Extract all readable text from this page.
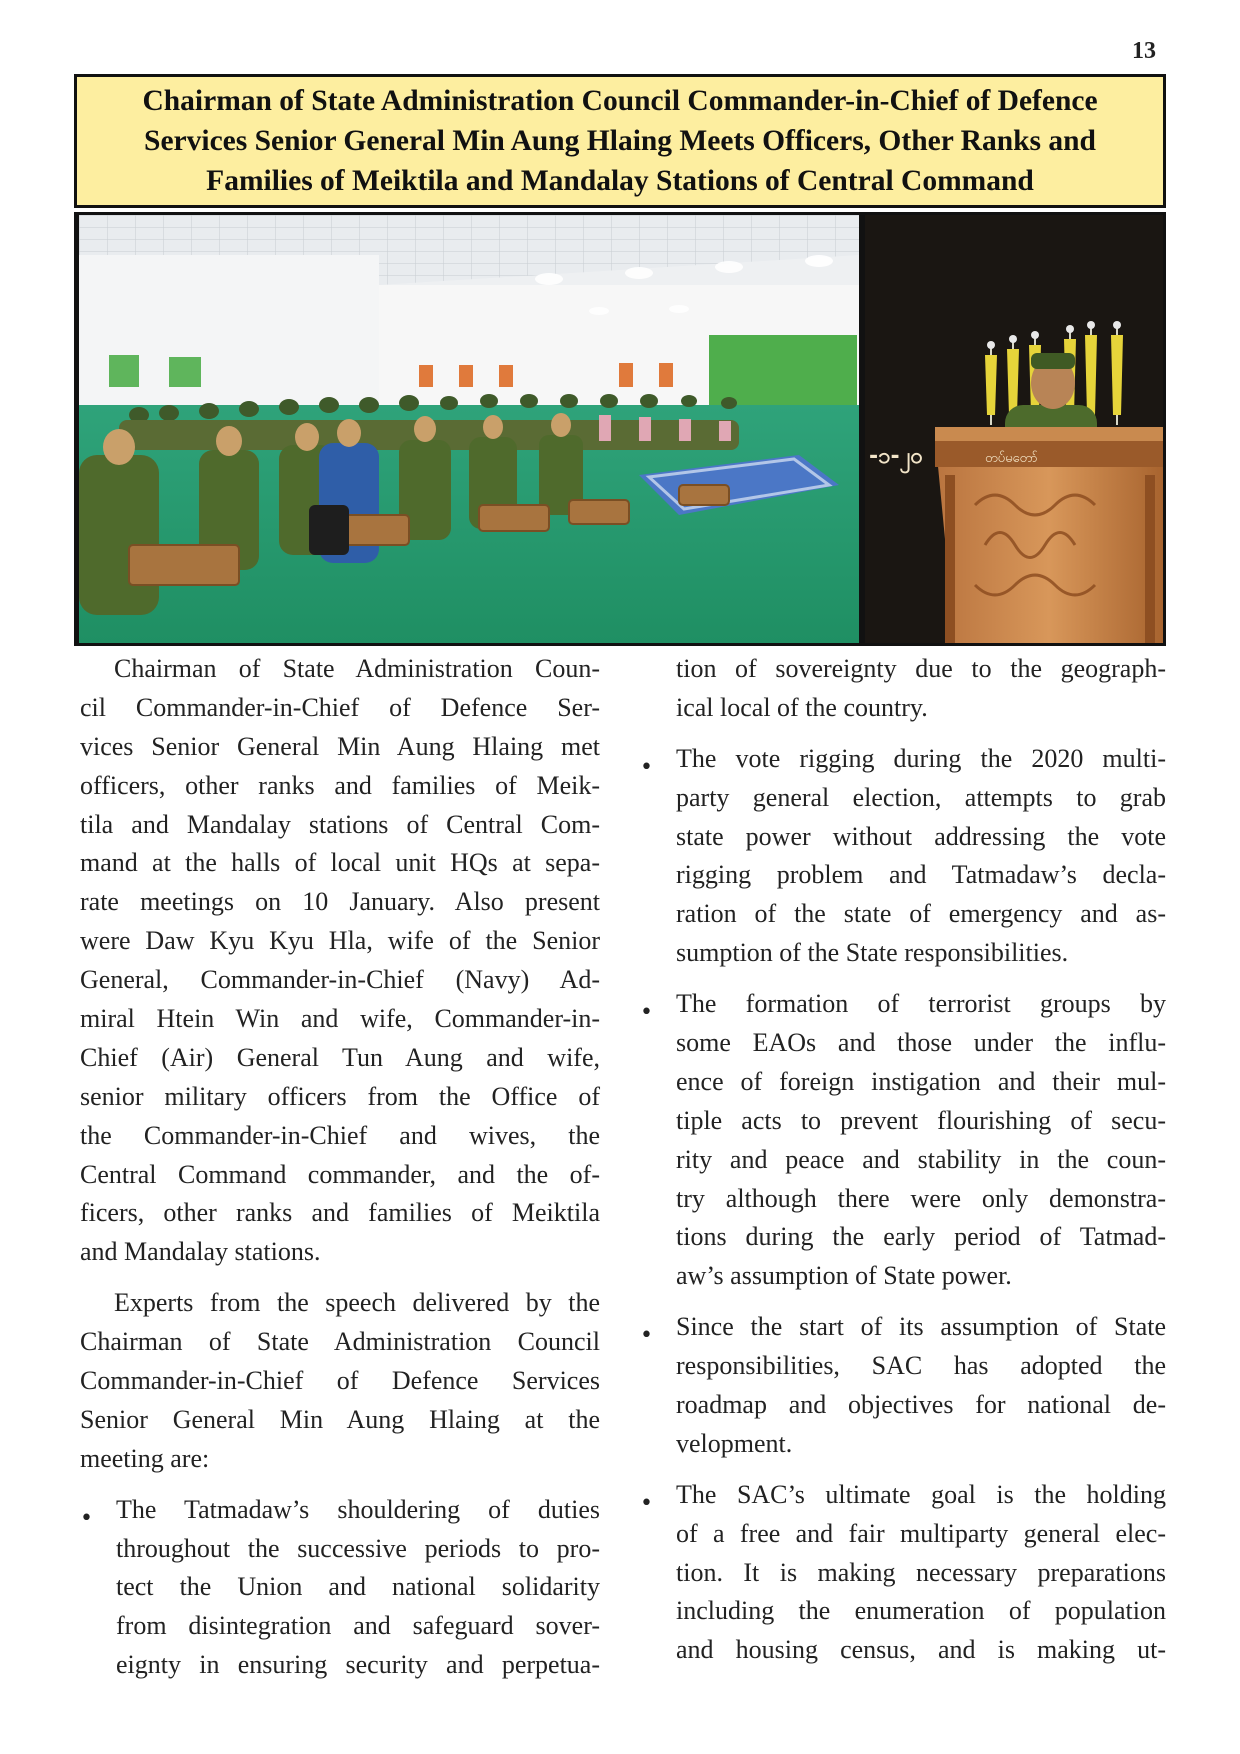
13
Chairman of State Administration Council Commander-in-Chief of Defence
Services Senior General Min Aung Hlaing Meets Officers, Other Ranks and
Families of Meiktila and Mandalay Stations of Central Command
-၁-၂၀	တပ်မတော်
Chairman of State Administration Coun-
cil Commander-in-Chief of Defence Ser-
vices Senior General Min Aung Hlaing met
officers, other ranks and families of Meik-
tila and Mandalay stations of Central Com-
mand at the halls of local unit HQs at sepa-
rate meetings on 10 January. Also present
were Daw Kyu Kyu Hla, wife of the Senior
General, Commander-in-Chief (Navy) Ad-
miral Htein Win and wife, Commander-in-
Chief (Air) General Tun Aung and wife,
senior military officers from the Office of
the Commander-in-Chief and wives, the
Central Command commander, and the of-
ficers, other ranks and families of Meiktila
and Mandalay stations.
Experts from the speech delivered by the
Chairman of State Administration Council
Commander-in-Chief of Defence Services
Senior General Min Aung Hlaing at the
meeting are:
• The Tatmadaw’s shouldering of duties
throughout the successive periods to pro-
tect the Union and national solidarity
from disintegration and safeguard sover-
eignty in ensuring security and perpetua-
tion of sovereignty due to the geograph-
ical local of the country.
• The vote rigging during the 2020 multi-
party general election, attempts to grab
state power without addressing the vote
rigging problem and Tatmadaw’s decla-
ration of the state of emergency and as-
sumption of the State responsibilities.
• The formation of terrorist groups by
some EAOs and those under the influ-
ence of foreign instigation and their mul-
tiple acts to prevent flourishing of secu-
rity and peace and stability in the coun-
try although there were only demonstra-
tions during the early period of Tatmad-
aw’s assumption of State power.
• Since the start of its assumption of State
responsibilities, SAC has adopted the
roadmap and objectives for national de-
velopment.
• The SAC’s ultimate goal is the holding
of a free and fair multiparty general elec-
tion. It is making necessary preparations
including the enumeration of population
and housing census, and is making ut-
